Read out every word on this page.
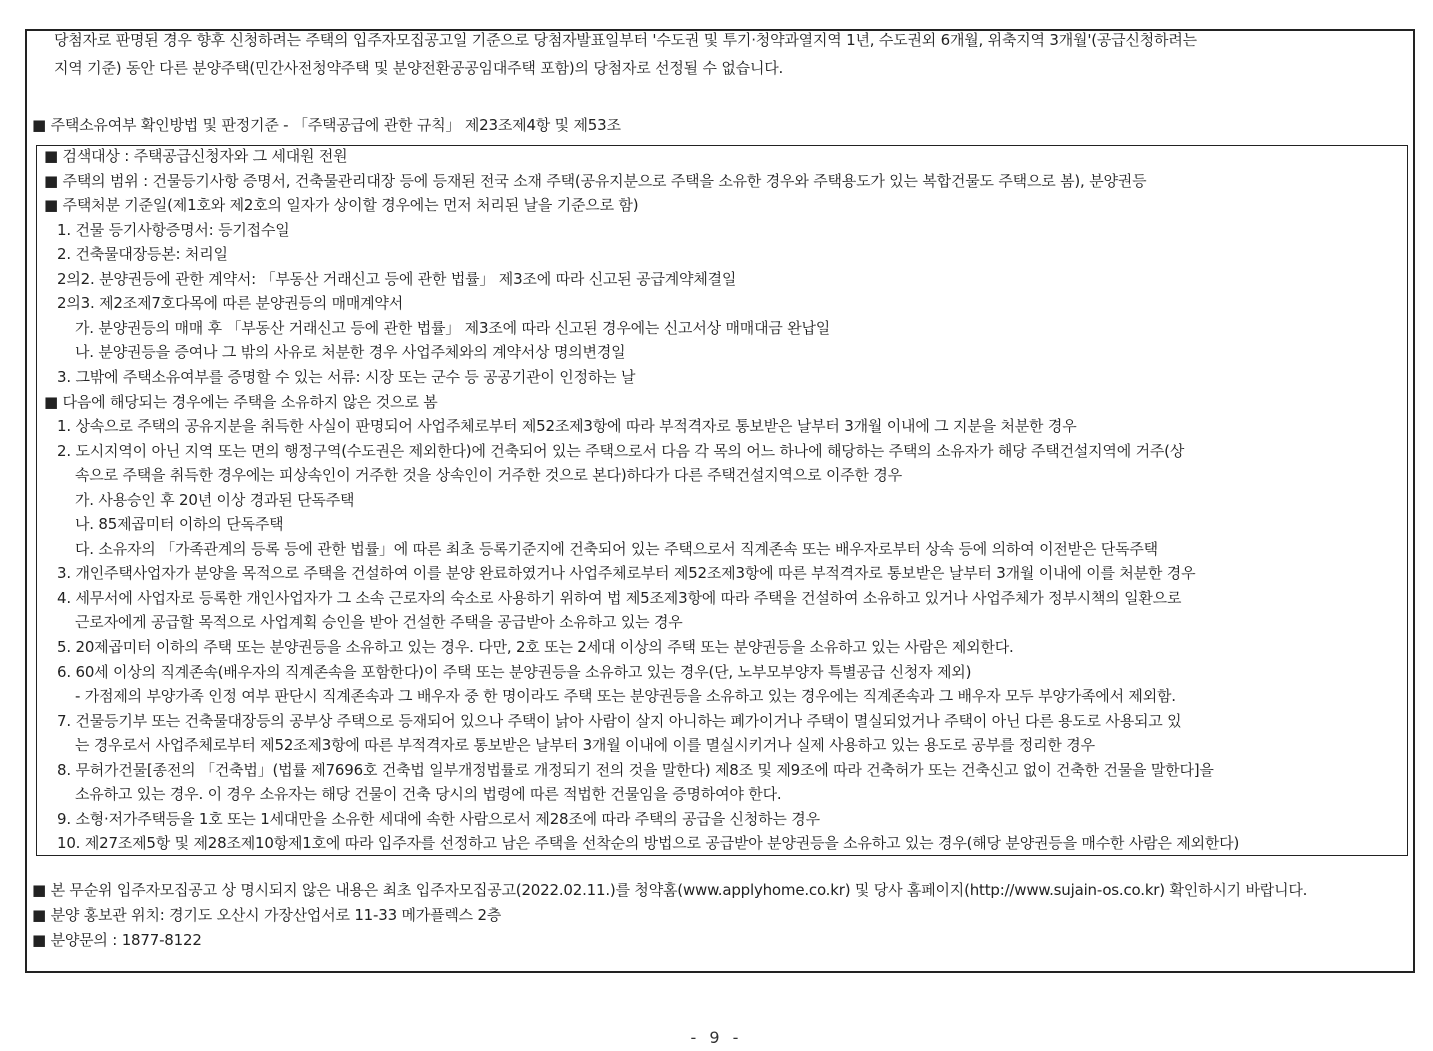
당첨자로 판명된 경우 향후 신청하려는 주택의 입주자모집공고일 기준으로 당첨자발표일부터 '수도권 및 투기·청약과열지역 1년, 수도권외 6개월, 위축지역 3개월'(공급신청하려는
지역 기준) 동안 다른 분양주택(민간사전청약주택 및 분양전환공공임대주택 포함)의 당첨자로 선정될 수 없습니다.
■ 주택소유여부 확인방법 및 판정기준 - 「주택공급에 관한 규칙」 제23조제4항 및 제53조
■ 검색대상 : 주택공급신청자와 그 세대원 전원
■ 주택의 범위 : 건물등기사항 증명서, 건축물관리대장 등에 등재된 전국 소재 주택(공유지분으로 주택을 소유한 경우와 주택용도가 있는 복합건물도 주택으로 봄), 분양권등
■ 주택처분 기준일(제1호와 제2호의 일자가 상이할 경우에는 먼저 처리된 날을 기준으로 함)
1. 건물 등기사항증명서: 등기접수일
2. 건축물대장등본: 처리일
2의2. 분양권등에 관한 계약서: 「부동산 거래신고 등에 관한 법률」 제3조에 따라 신고된 공급계약체결일
2의3. 제2조제7호다목에 따른 분양권등의 매매계약서
가. 분양권등의 매매 후 「부동산 거래신고 등에 관한 법률」 제3조에 따라 신고된 경우에는 신고서상 매매대금 완납일
나. 분양권등을 증여나 그 밖의 사유로 처분한 경우 사업주체와의 계약서상 명의변경일
3. 그밖에 주택소유여부를 증명할 수 있는 서류: 시장 또는 군수 등 공공기관이 인정하는 날
■ 다음에 해당되는 경우에는 주택을 소유하지 않은 것으로 봄
1. 상속으로 주택의 공유지분을 취득한 사실이 판명되어 사업주체로부터 제52조제3항에 따라 부적격자로 통보받은 날부터 3개월 이내에 그 지분을 처분한 경우
2. 도시지역이 아닌 지역 또는 면의 행정구역(수도권은 제외한다)에 건축되어 있는 주택으로서 다음 각 목의 어느 하나에 해당하는 주택의 소유자가 해당 주택건설지역에 거주(상
속으로 주택을 취득한 경우에는 피상속인이 거주한 것을 상속인이 거주한 것으로 본다)하다가 다른 주택건설지역으로 이주한 경우
가. 사용승인 후 20년 이상 경과된 단독주택
나. 85제곱미터 이하의 단독주택
다. 소유자의 「가족관계의 등록 등에 관한 법률」에 따른 최초 등록기준지에 건축되어 있는 주택으로서 직계존속 또는 배우자로부터 상속 등에 의하여 이전받은 단독주택
3. 개인주택사업자가 분양을 목적으로 주택을 건설하여 이를 분양 완료하였거나 사업주체로부터 제52조제3항에 따른 부적격자로 통보받은 날부터 3개월 이내에 이를 처분한 경우
4. 세무서에 사업자로 등록한 개인사업자가 그 소속 근로자의 숙소로 사용하기 위하여 법 제5조제3항에 따라 주택을 건설하여 소유하고 있거나 사업주체가 정부시책의 일환으로
근로자에게 공급할 목적으로 사업계획 승인을 받아 건설한 주택을 공급받아 소유하고 있는 경우
5. 20제곱미터 이하의 주택 또는 분양권등을 소유하고 있는 경우. 다만, 2호 또는 2세대 이상의 주택 또는 분양권등을 소유하고 있는 사람은 제외한다.
6. 60세 이상의 직계존속(배우자의 직계존속을 포함한다)이 주택 또는 분양권등을 소유하고 있는 경우(단, 노부모부양자 특별공급 신청자 제외)
- 가점제의 부양가족 인정 여부 판단시 직계존속과 그 배우자 중 한 명이라도 주택 또는 분양권등을 소유하고 있는 경우에는 직계존속과 그 배우자 모두 부양가족에서 제외함.
7. 건물등기부 또는 건축물대장등의 공부상 주택으로 등재되어 있으나 주택이 낡아 사람이 살지 아니하는 폐가이거나 주택이 멸실되었거나 주택이 아닌 다른 용도로 사용되고 있
는 경우로서 사업주체로부터 제52조제3항에 따른 부적격자로 통보받은 날부터 3개월 이내에 이를 멸실시키거나 실제 사용하고 있는 용도로 공부를 정리한 경우
8. 무허가건물[종전의 「건축법」(법률 제7696호 건축법 일부개정법률로 개정되기 전의 것을 말한다) 제8조 및 제9조에 따라 건축허가 또는 건축신고 없이 건축한 건물을 말한다]을
소유하고 있는 경우. 이 경우 소유자는 해당 건물이 건축 당시의 법령에 따른 적법한 건물임을 증명하여야 한다.
9. 소형·저가주택등을 1호 또는 1세대만을 소유한 세대에 속한 사람으로서 제28조에 따라 주택의 공급을 신청하는 경우
10. 제27조제5항 및 제28조제10항제1호에 따라 입주자를 선정하고 남은 주택을 선착순의 방법으로 공급받아 분양권등을 소유하고 있는 경우(해당 분양권등을 매수한 사람은 제외한다)
■ 본 무순위 입주자모집공고 상 명시되지 않은 내용은 최초 입주자모집공고(2022.02.11.)를 청약홈(www.applyhome.co.kr) 및 당사 홈페이지(http://www.sujain-os.co.kr) 확인하시기 바랍니다.
■ 분양 홍보관 위치: 경기도 오산시 가장산업서로 11-33 메가플렉스 2층
■ 분양문의 : 1877-8122
- 9 -
